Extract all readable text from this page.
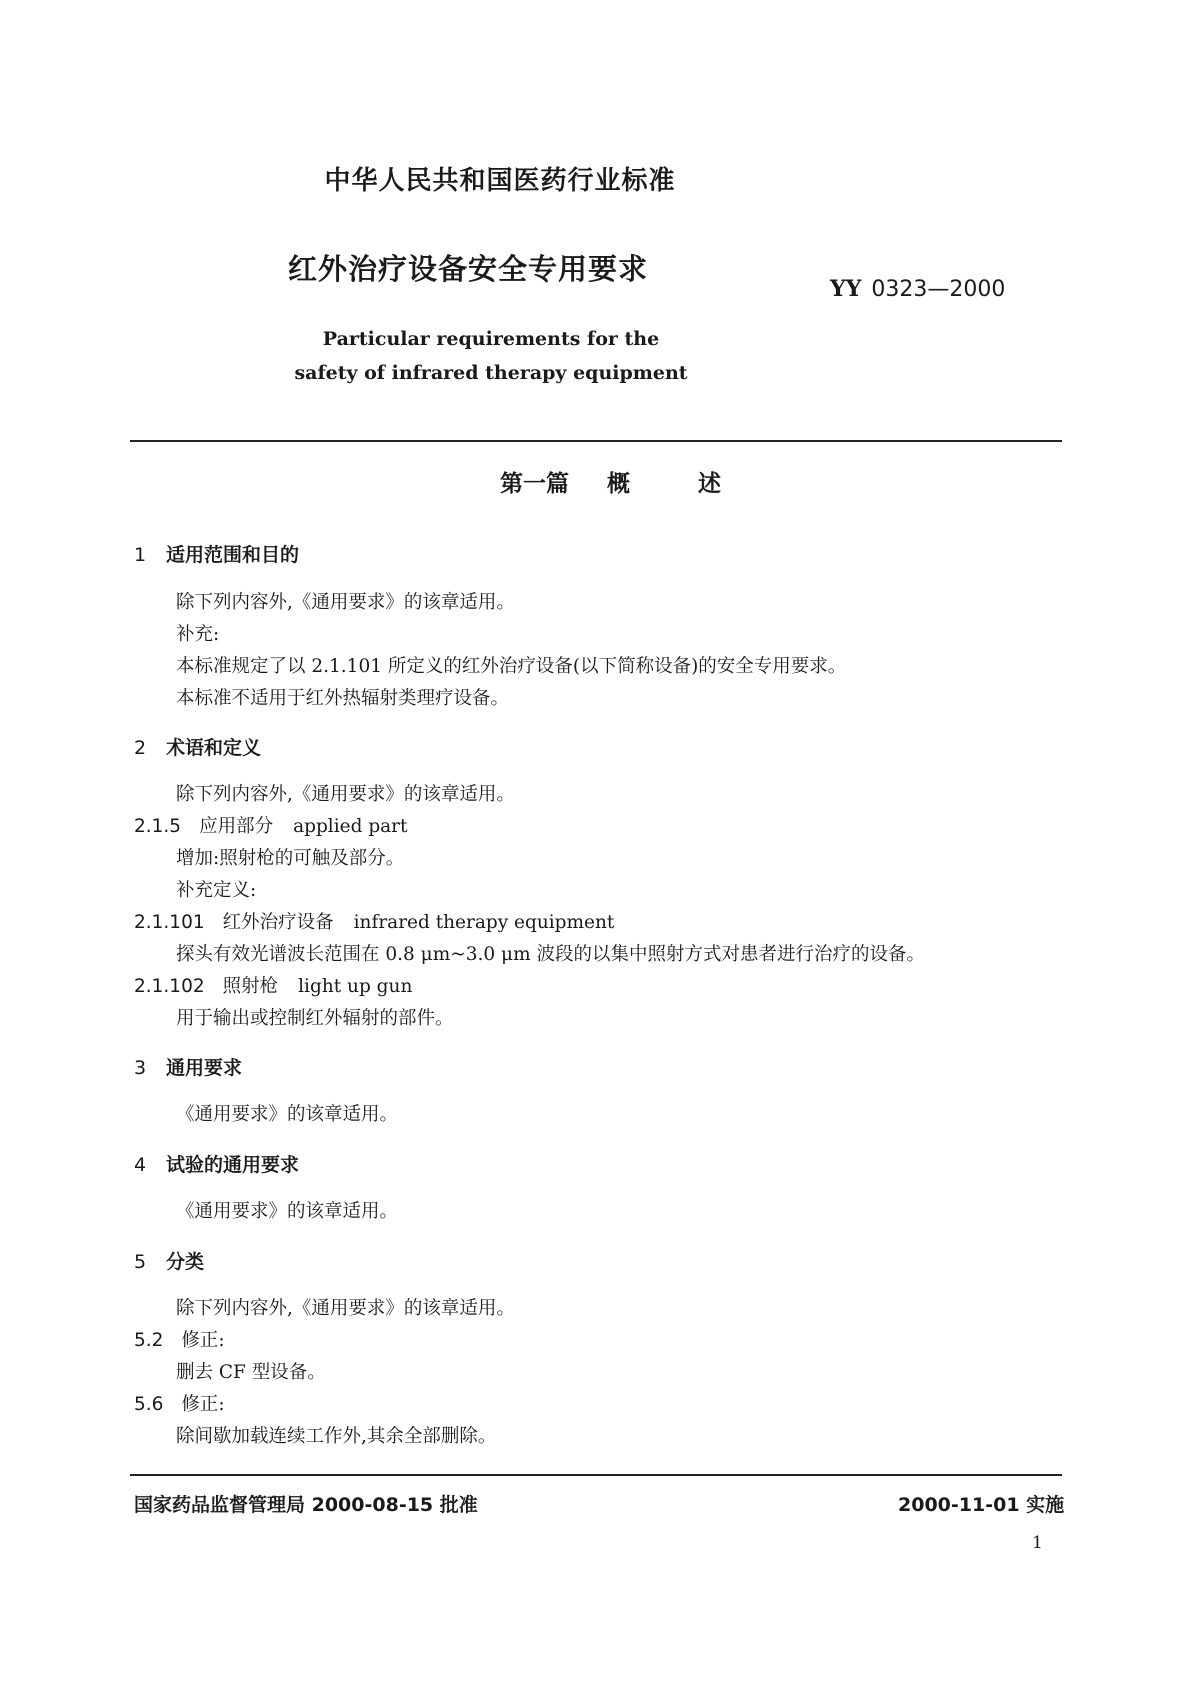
中华人民共和国医药行业标准
红外治疗设备安全专用要求
YY 0323—2000
Particular requirements for the
safety of infrared therapy equipment
第一篇 概	述
1 适用范围和目的
除下列内容外,《通用要求》的该章适用。
补充:
本标准规定了以 2.1.101 所定义的红外治疗设备(以下简称设备)的安全专用要求。
本标准不适用于红外热辐射类理疗设备。
2 术语和定义
除下列内容外,《通用要求》的该章适用。
2.1.5 应用部分 applied part
增加:照射枪的可触及部分。
补充定义:
2.1.101 红外治疗设备 infrared therapy equipment
探头有效光谱波长范围在 0.8 μm~3.0 μm 波段的以集中照射方式对患者进行治疗的设备。
2.1.102 照射枪 light up gun
用于输出或控制红外辐射的部件。
3 通用要求
《通用要求》的该章适用。
4 试验的通用要求
《通用要求》的该章适用。
5 分类
除下列内容外,《通用要求》的该章适用。
5.2 修正:
删去 CF 型设备。
5.6 修正:
除间歇加载连续工作外,其余全部删除。
国家药品监督管理局 2000-08-15 批准	2000-11-01 实施
1
